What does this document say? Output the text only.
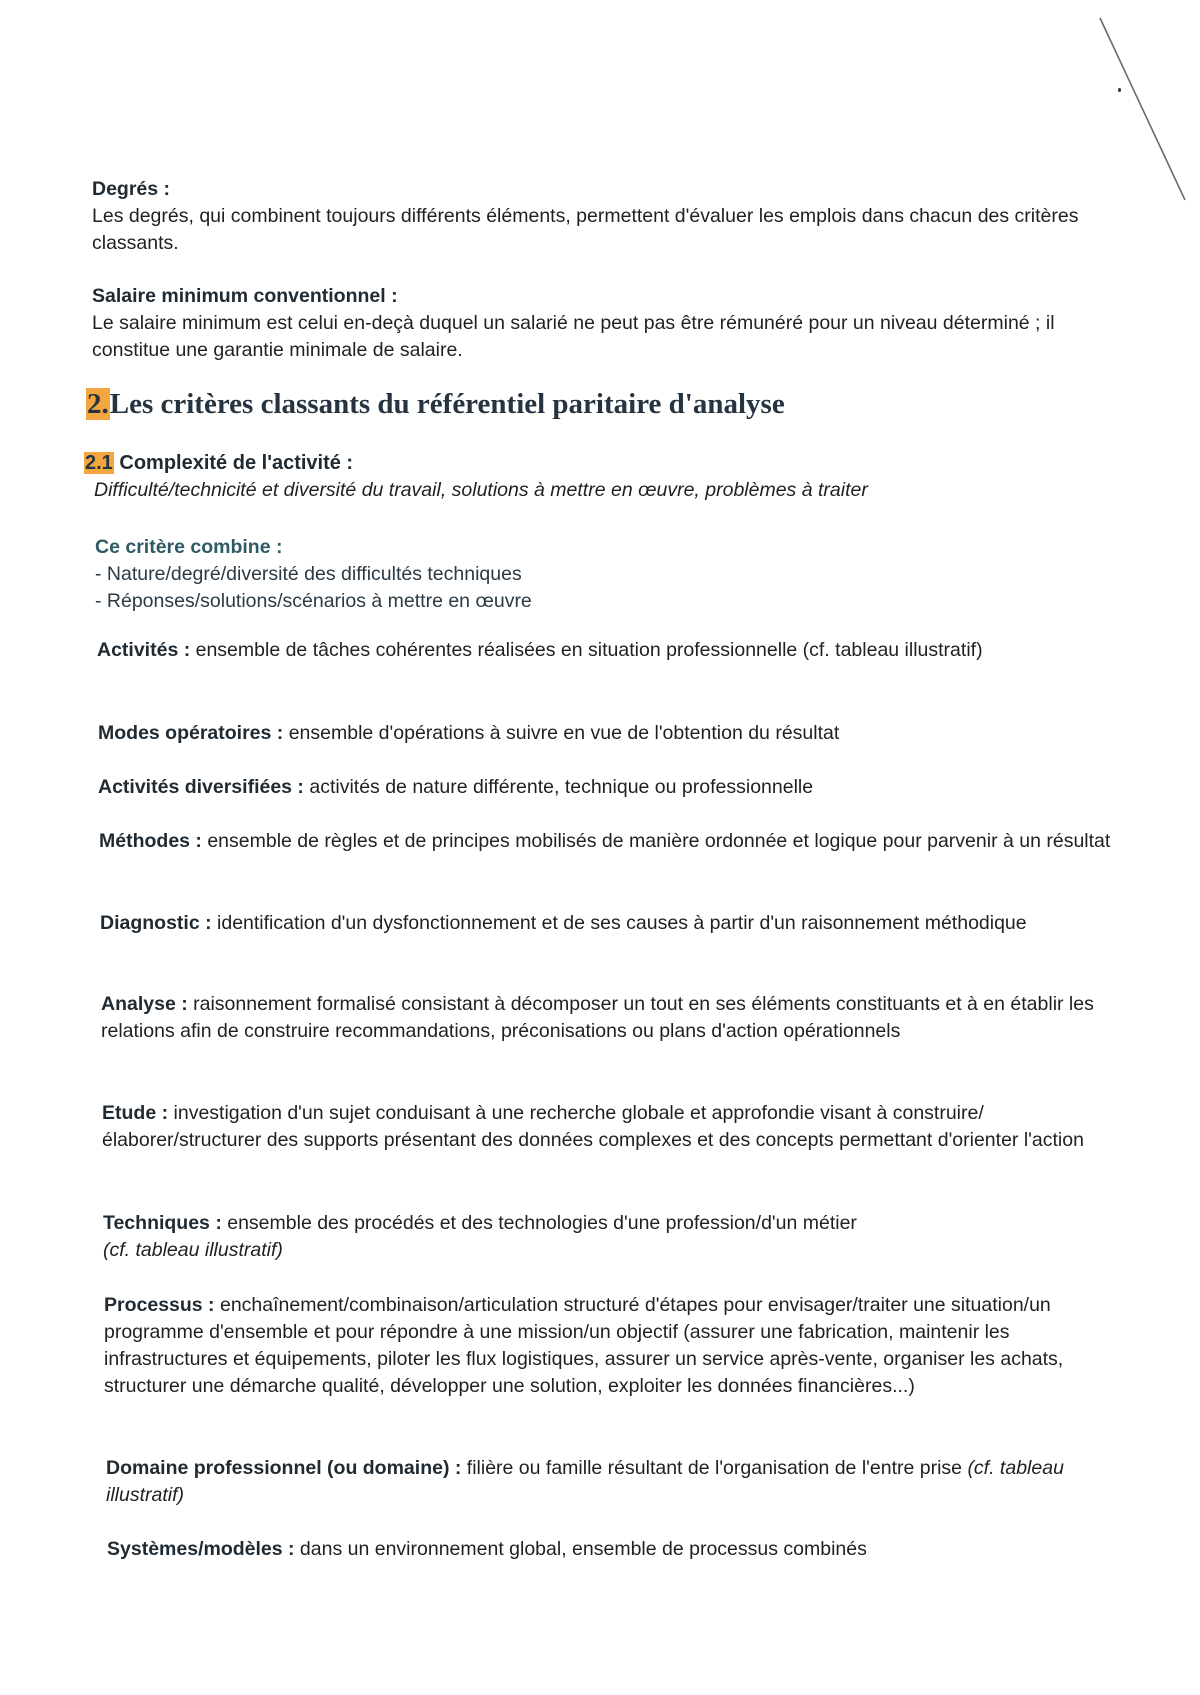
Degrés :

Les degrés, qui combinent toujours différents éléments, permettent d'évaluer les emplois dans chacun des critères classants.

Salaire minimum conventionnel :

Le salaire minimum est celui en-deçà duquel un salarié ne peut pas être rémunéré pour un niveau déterminé ; il constitue une garantie minimale de salaire.

2.Les critères classants du référentiel paritaire d'analyse

2.1 Complexité de l'activité :

Difficulté/technicité et diversité du travail, solutions à mettre en œuvre, problèmes à traiter

Ce critère combine :

- Nature/degré/diversité des difficultés techniques

- Réponses/solutions/scénarios à mettre en œuvre

Activités : ensemble de tâches cohérentes réalisées en situation professionnelle (cf. tableau illustratif)

Modes opératoires : ensemble d'opérations à suivre en vue de l'obtention du résultat

Activités diversifiées : activités de nature différente, technique ou professionnelle

Méthodes : ensemble de règles et de principes mobilisés de manière ordonnée et logique pour parvenir à un résultat

Diagnostic : identification d'un dysfonctionnement et de ses causes à partir d'un raisonnement méthodique

Analyse : raisonnement formalisé consistant à décomposer un tout en ses éléments constituants et à en établir les relations afin de construire recommandations, préconisations ou plans d'action opérationnels

Etude : investigation d'un sujet conduisant à une recherche globale et approfondie visant à construire/élaborer/structurer des supports présentant des données complexes et des concepts permettant d'orienter l'action

Techniques : ensemble des procédés et des technologies d'une profession/d'un métier

(cf. tableau illustratif)

Processus : enchaînement/combinaison/articulation structuré d'étapes pour envisager/traiter une situation/un programme d'ensemble et pour répondre à une mission/un objectif (assurer une fabrication, maintenir les infrastructures et équipements, piloter les flux logistiques, assurer un service après-vente, organiser les achats, structurer une démarche qualité, développer une solution, exploiter les données financières...)

Domaine professionnel (ou domaine) : filière ou famille résultant de l'organisation de l'entre prise (cf. tableau illustratif)

Systèmes/modèles : dans un environnement global, ensemble de processus combinés
